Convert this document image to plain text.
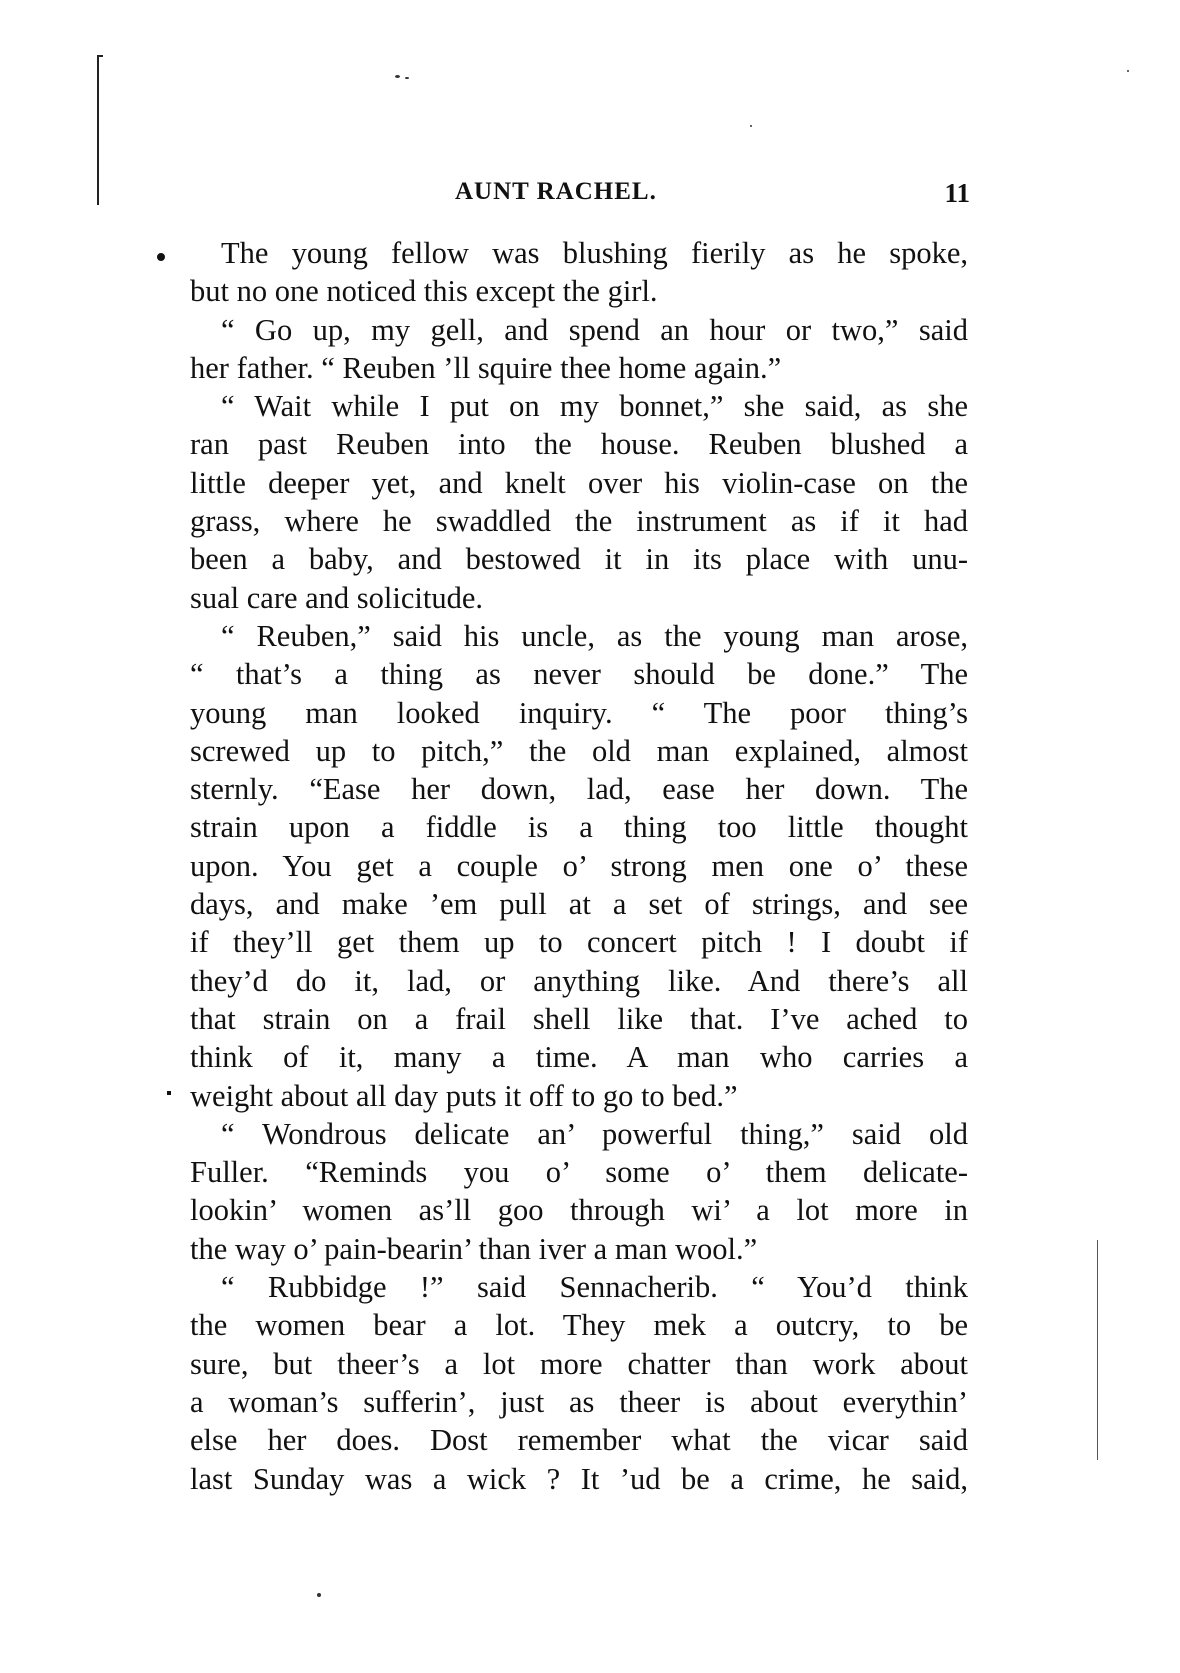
AUNT RACHEL.	11
The young fellow was blushing fierily as he spoke,
but no one noticed this except the girl.
“ Go up, my gell, and spend an hour or two,” said
her father. “ Reuben ’ll squire thee home again.”
“ Wait while I put on my bonnet,” she said, as she
ran past Reuben into the house. Reuben blushed a
little deeper yet, and knelt over his violin-case on the
grass, where he swaddled the instrument as if it had
been a baby, and bestowed it in its place with unu-
sual care and solicitude.
“ Reuben,” said his uncle, as the young man arose,
“ that’s a thing as never should be done.” The
young man looked inquiry. “ The poor thing’s
screwed up to pitch,” the old man explained, almost
sternly. “Ease her down, lad, ease her down. The
strain upon a fiddle is a thing too little thought
upon. You get a couple o’ strong men one o’ these
days, and make ’em pull at a set of strings, and see
if they’ll get them up to concert pitch ! I doubt if
they’d do it, lad, or anything like. And there’s all
that strain on a frail shell like that. I’ve ached to
think of it, many a time. A man who carries a
weight about all day puts it off to go to bed.”
“ Wondrous delicate an’ powerful thing,” said old
Fuller. “Reminds you o’ some o’ them delicate-
lookin’ women as’ll goo through wi’ a lot more in
the way o’ pain-bearin’ than iver a man wool.”
“ Rubbidge !” said Sennacherib. “ You’d think
the women bear a lot. They mek a outcry, to be
sure, but theer’s a lot more chatter than work about
a woman’s sufferin’, just as theer is about everythin’
else her does. Dost remember what the vicar said
last Sunday was a wick ? It ’ud be a crime, he said,
